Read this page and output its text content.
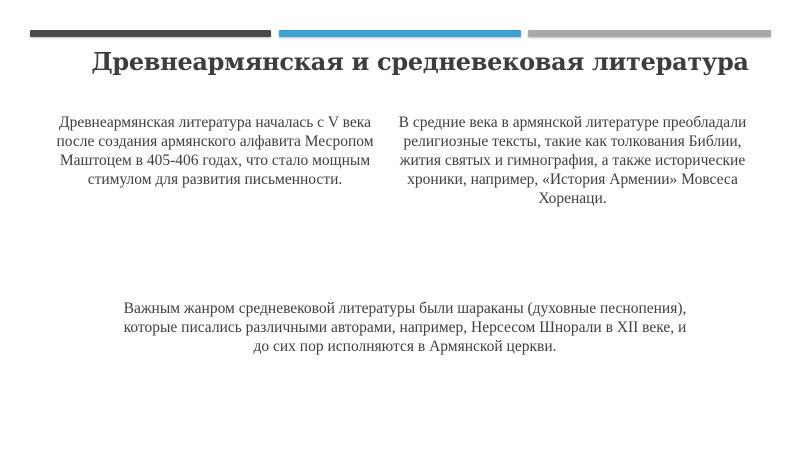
Древнеармянская и средневековая литература
Древнеармянская литература началась с V века после создания армянского алфавита Месропом Маштоцем в 405-406 годах, что стало мощным стимулом для развития письменности.
В средние века в армянской литературе преобладали религиозные тексты, такие как толкования Библии, жития святых и гимнография, а также исторические хроники, например, «История Армении» Мовсеса Хоренаци.
Важным жанром средневековой литературы были шараканы (духовные песнопения), которые писались различными авторами, например, Нерсесом Шнорали в XII веке, и до сих пор исполняются в Армянской церкви.
